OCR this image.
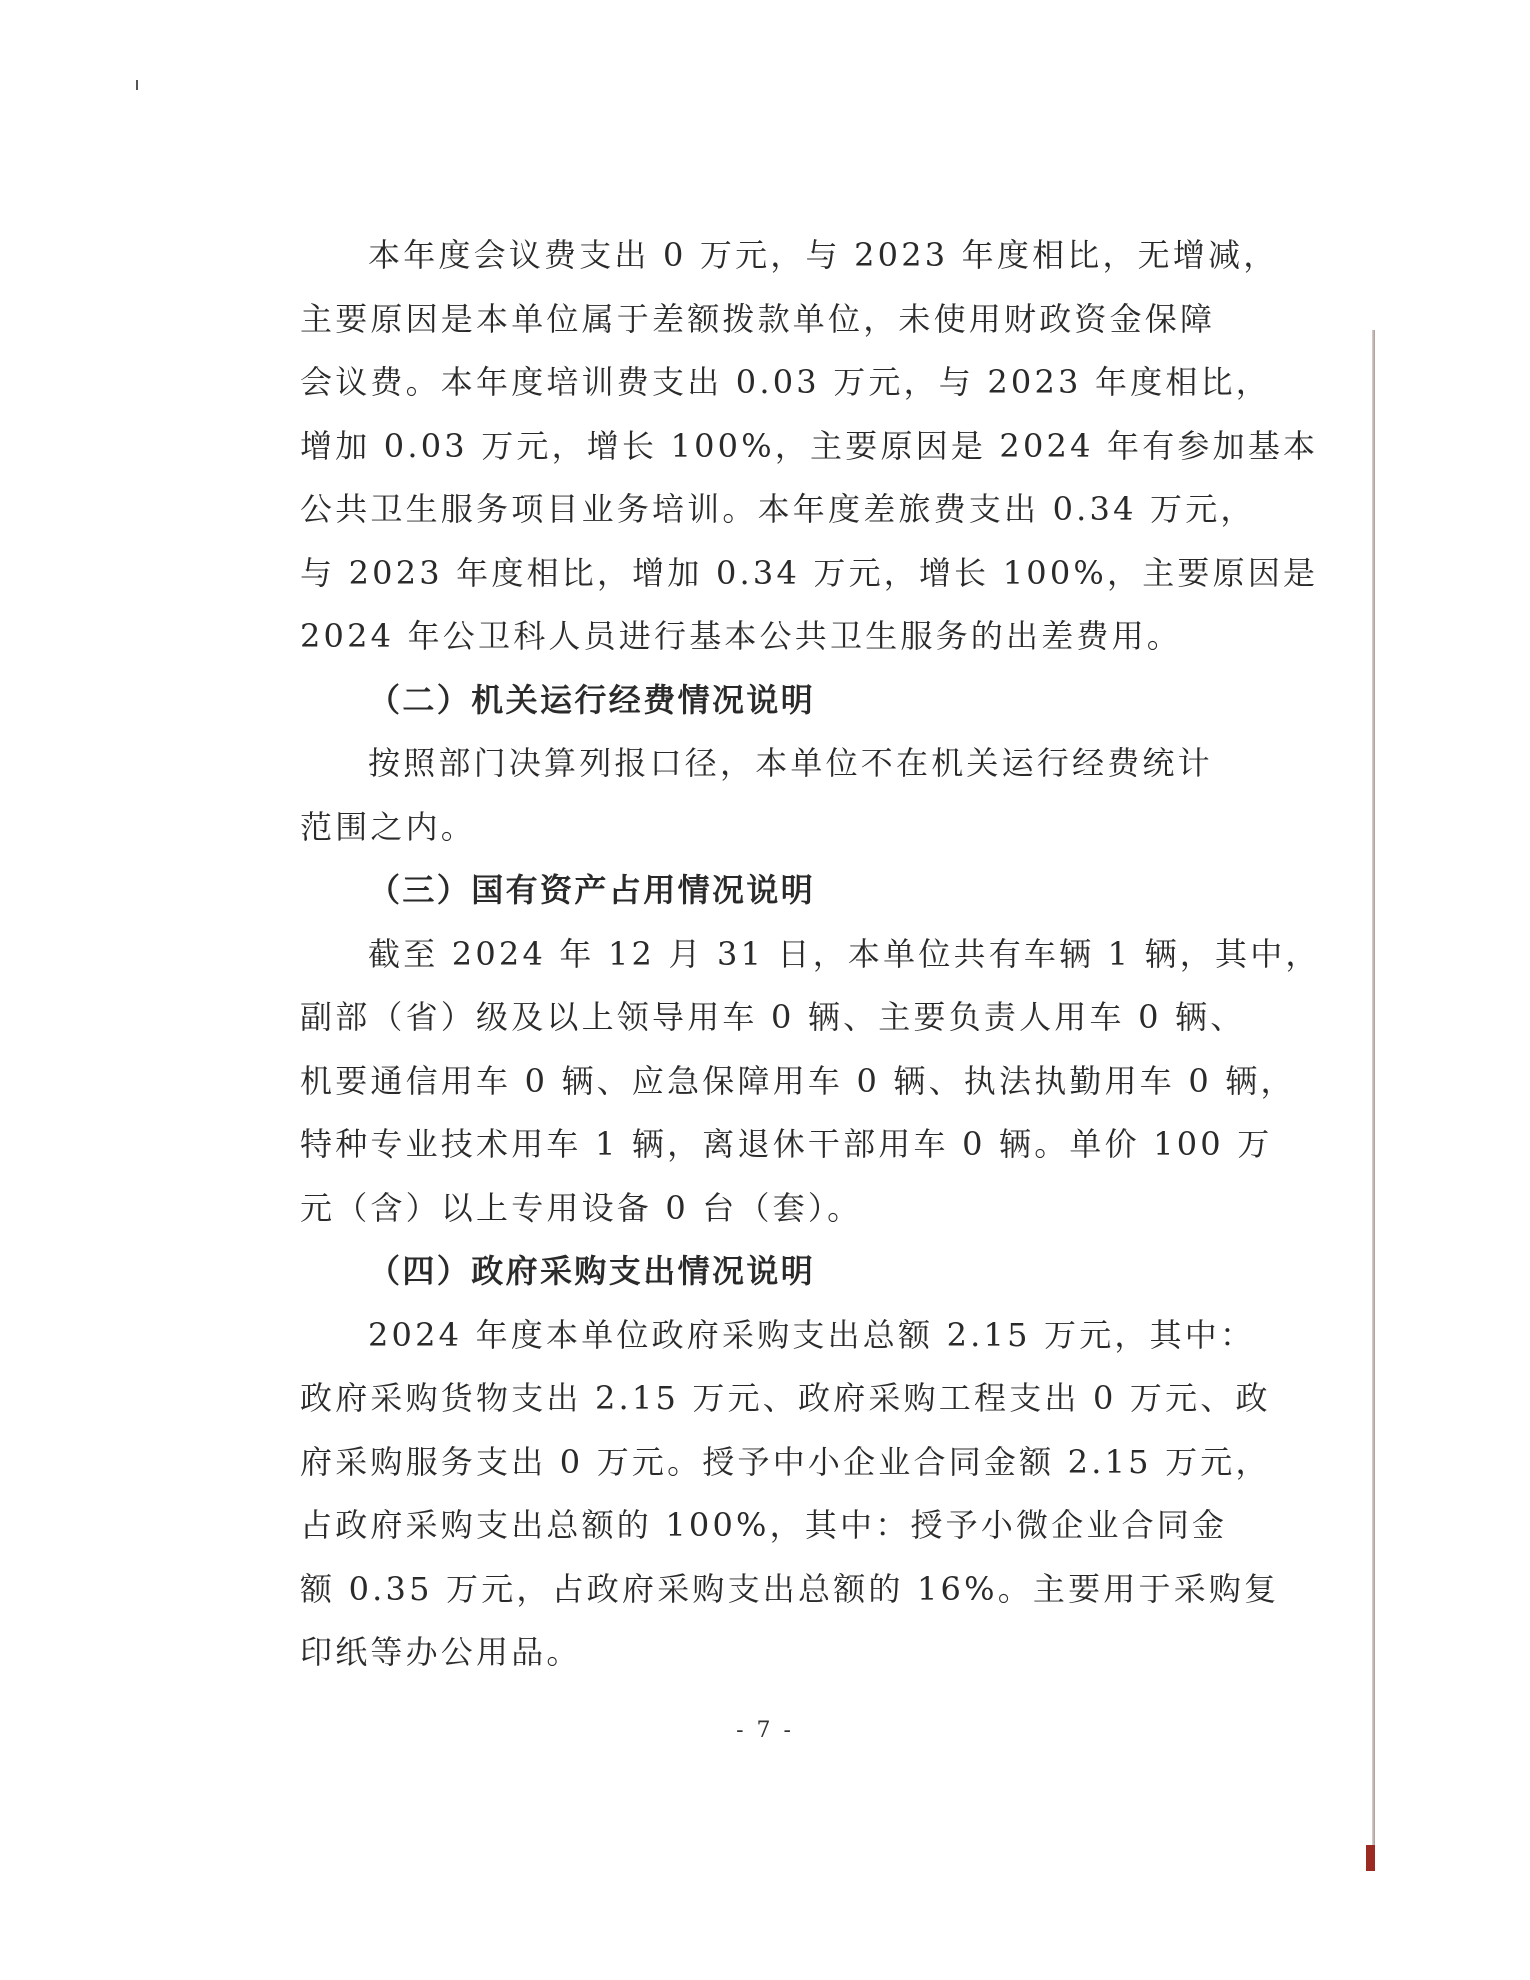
本年度会议费支出 0 万元，与 2023 年度相比，无增减，
主要原因是本单位属于差额拨款单位，未使用财政资金保障
会议费。本年度培训费支出 0.03 万元，与 2023 年度相比，
增加 0.03 万元，增长 100%，主要原因是 2024 年有参加基本
公共卫生服务项目业务培训。本年度差旅费支出 0.34 万元，
与 2023 年度相比，增加 0.34 万元，增长 100%，主要原因是
2024 年公卫科人员进行基本公共卫生服务的出差费用。
（二）机关运行经费情况说明
按照部门决算列报口径，本单位不在机关运行经费统计
范围之内。
（三）国有资产占用情况说明
截至 2024 年 12 月 31 日，本单位共有车辆 1 辆，其中，
副部（省）级及以上领导用车 0 辆、主要负责人用车 0 辆、
机要通信用车 0 辆、应急保障用车 0 辆、执法执勤用车 0 辆，
特种专业技术用车 1 辆，离退休干部用车 0 辆。单价 100 万
元（含）以上专用设备 0 台（套）。
（四）政府采购支出情况说明
2024 年度本单位政府采购支出总额 2.15 万元，其中：
政府采购货物支出 2.15 万元、政府采购工程支出 0 万元、政
府采购服务支出 0 万元。授予中小企业合同金额 2.15 万元，
占政府采购支出总额的 100%，其中：授予小微企业合同金
额 0.35 万元，占政府采购支出总额的 16%。主要用于采购复
印纸等办公用品。
- 7 -
